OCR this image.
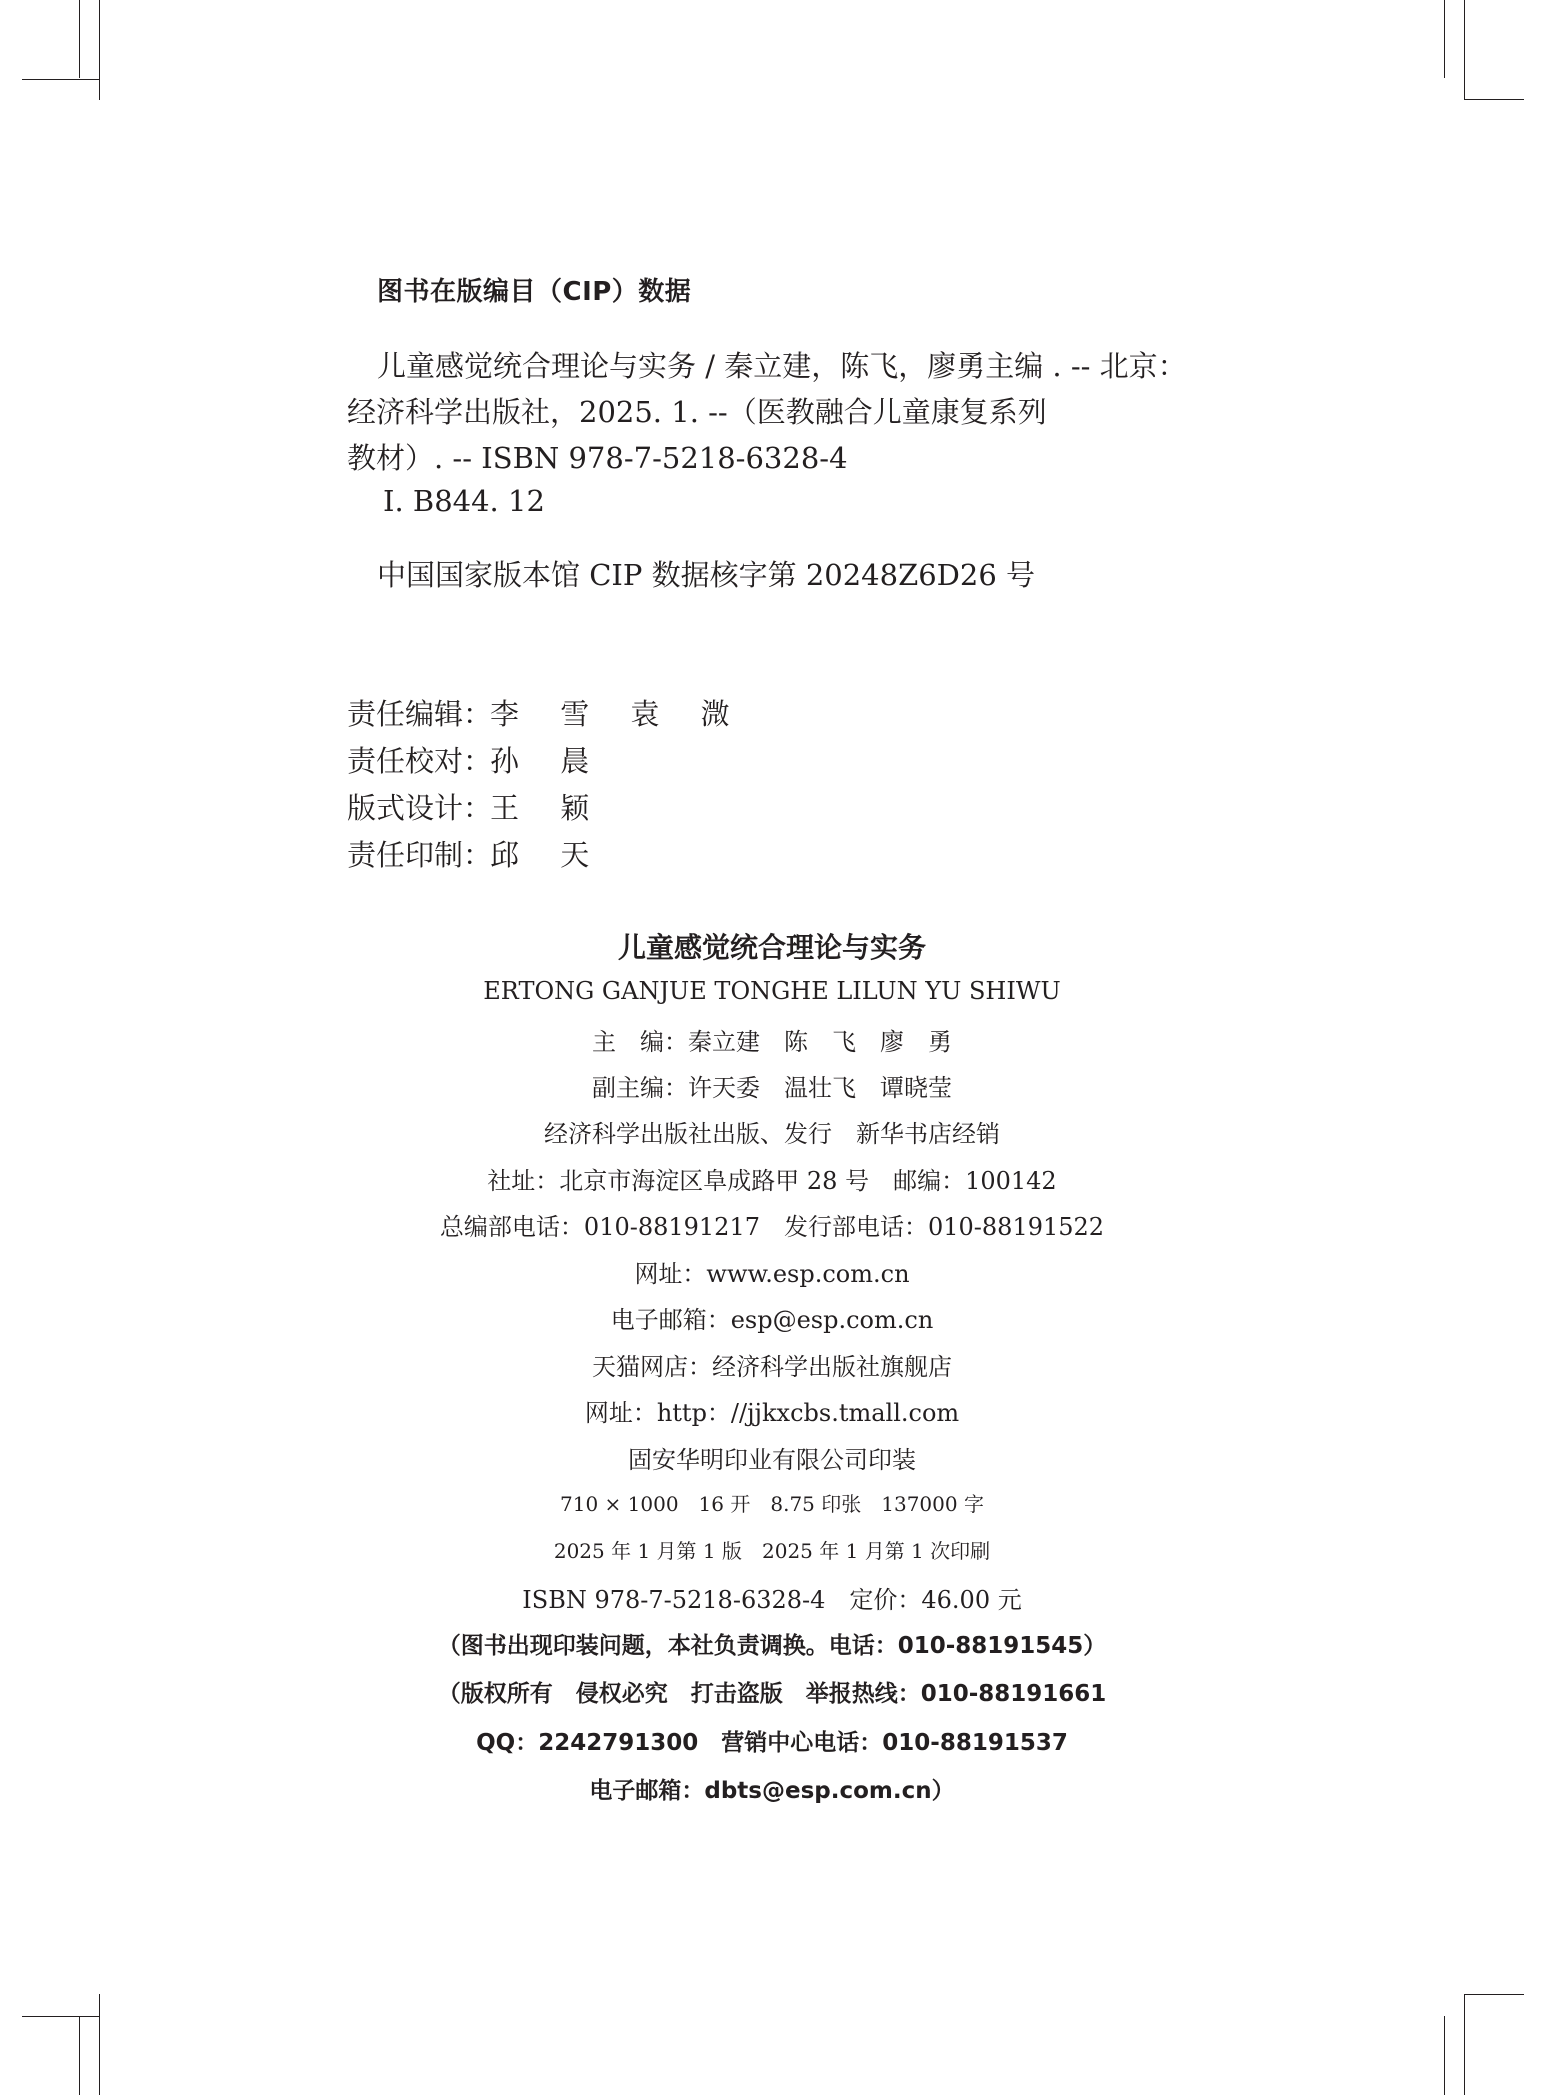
图书在版编目（CIP）数据
儿童感觉统合理论与实务 / 秦立建，陈飞，廖勇主编 . -- 北京：
经济科学出版社，2025. 1. --（医教融合儿童康复系列
教材）. -- ISBN 978-7-5218-6328-4
Ⅰ. B844. 12
中国国家版本馆 CIP 数据核字第 20248Z6D26 号
责任编辑：李 雪 袁 溦
责任校对：孙 晨
版式设计：王 颖
责任印制：邱 天
儿童感觉统合理论与实务
ERTONG GANJUE TONGHE LILUN YU SHIWU
主　编：秦立建　陈　飞　廖　勇
副主编：许天委　温壮飞　谭晓莹
经济科学出版社出版、发行　新华书店经销
社址：北京市海淀区阜成路甲 28 号　邮编：100142
总编部电话：010-88191217　发行部电话：010-88191522
网址：www.esp.com.cn
电子邮箱：esp@esp.com.cn
天猫网店：经济科学出版社旗舰店
网址：http：//jjkxcbs.tmall.com
固安华明印业有限公司印装
710 × 1000　16 开　8.75 印张　137000 字
2025 年 1 月第 1 版　2025 年 1 月第 1 次印刷
ISBN 978-7-5218-6328-4　定价：46.00 元
（图书出现印装问题，本社负责调换。电话：010-88191545）
（版权所有　侵权必究　打击盗版　举报热线：010-88191661
QQ：2242791300　营销中心电话：010-88191537
电子邮箱：dbts@esp.com.cn）
